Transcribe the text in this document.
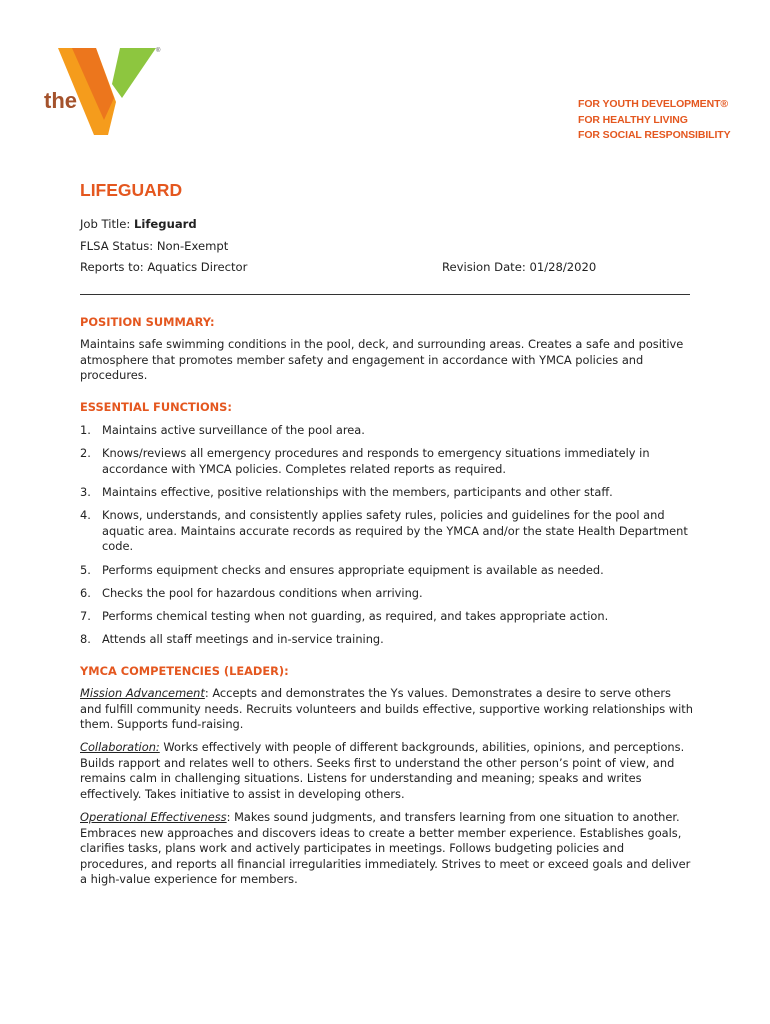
the
YMCA
®
FOR YOUTH DEVELOPMENT®
FOR HEALTHY LIVING
FOR SOCIAL RESPONSIBILITY
LIFEGUARD
Job Title: Lifeguard
FLSA Status: Non-Exempt
Reports to: Aquatics Director	Revision Date: 01/28/2020
POSITION SUMMARY:

Maintains safe swimming conditions in the pool, deck, and surrounding areas. Creates a safe and positive atmosphere that promotes member safety and engagement in accordance with YMCA policies and procedures.

ESSENTIAL FUNCTIONS:
1. Maintains active surveillance of the pool area.
2. Knows/reviews all emergency procedures and responds to emergency situations immediately in accordance with YMCA policies. Completes related reports as required.
3. Maintains effective, positive relationships with the members, participants and other staff.
4. Knows, understands, and consistently applies safety rules, policies and guidelines for the pool and aquatic area. Maintains accurate records as required by the YMCA and/or the state Health Department code.
5. Performs equipment checks and ensures appropriate equipment is available as needed.
6. Checks the pool for hazardous conditions when arriving.
7. Performs chemical testing when not guarding, as required, and takes appropriate action.
8. Attends all staff meetings and in-service training.
YMCA COMPETENCIES (LEADER):

Mission Advancement: Accepts and demonstrates the Ys values. Demonstrates a desire to serve others and fulfill community needs. Recruits volunteers and builds effective, supportive working relationships with them. Supports fund-raising.

Collaboration: Works effectively with people of different backgrounds, abilities, opinions, and perceptions. Builds rapport and relates well to others. Seeks first to understand the other person’s point of view, and remains calm in challenging situations. Listens for understanding and meaning; speaks and writes effectively. Takes initiative to assist in developing others.

Operational Effectiveness: Makes sound judgments, and transfers learning from one situation to another. Embraces new approaches and discovers ideas to create a better member experience. Establishes goals, clarifies tasks, plans work and actively participates in meetings. Follows budgeting policies and procedures, and reports all financial irregularities immediately. Strives to meet or exceed goals and deliver a high-value experience for members.
